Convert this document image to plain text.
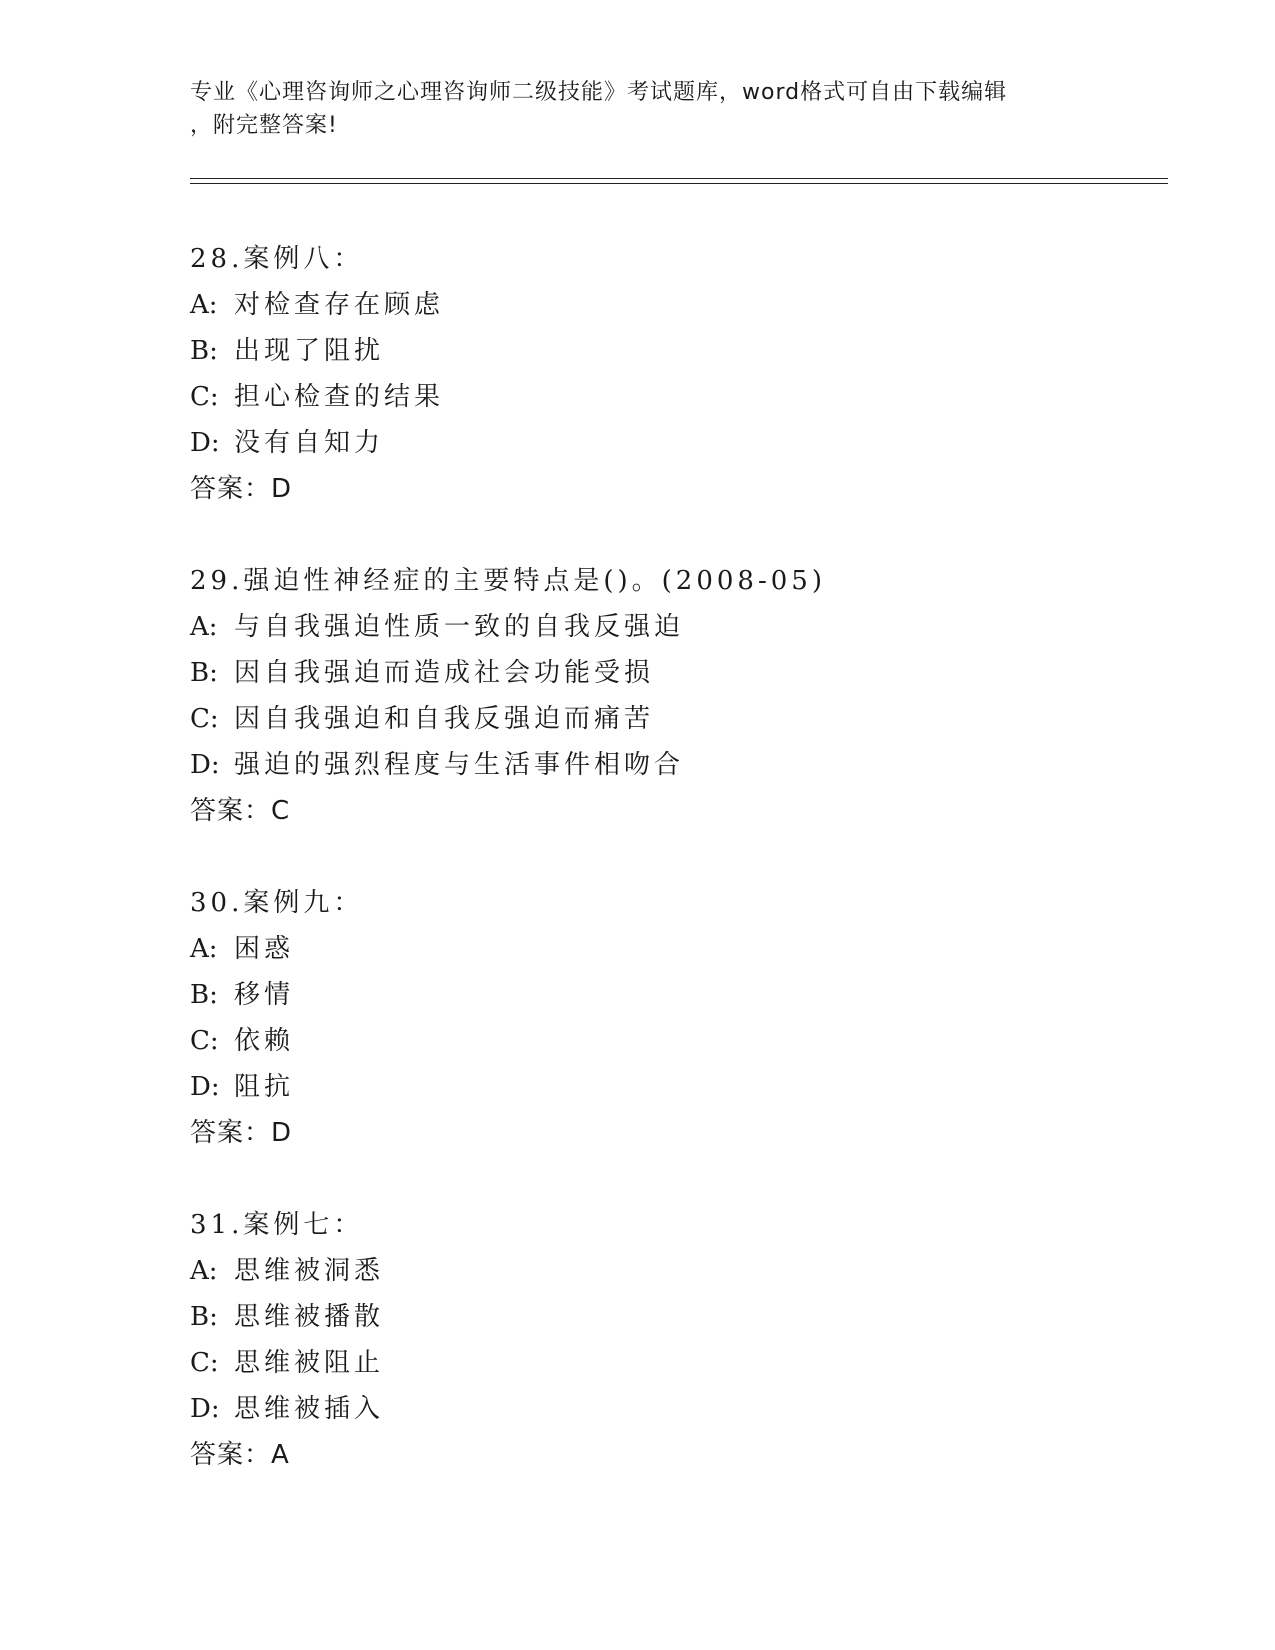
专业《心理咨询师之心理咨询师二级技能》考试题库，word格式可自由下载编辑
，附完整答案!
28.案例八：
A: 对检查存在顾虑
B: 出现了阻扰
C: 担心检查的结果
D: 没有自知力
答案：D
29.强迫性神经症的主要特点是()。(2008-05)
A: 与自我强迫性质一致的自我反强迫
B: 因自我强迫而造成社会功能受损
C: 因自我强迫和自我反强迫而痛苦
D: 强迫的强烈程度与生活事件相吻合
答案：C
30.案例九：
A: 困惑
B: 移情
C: 依赖
D: 阻抗
答案：D
31.案例七：
A: 思维被洞悉
B: 思维被播散
C: 思维被阻止
D: 思维被插入
答案：A
